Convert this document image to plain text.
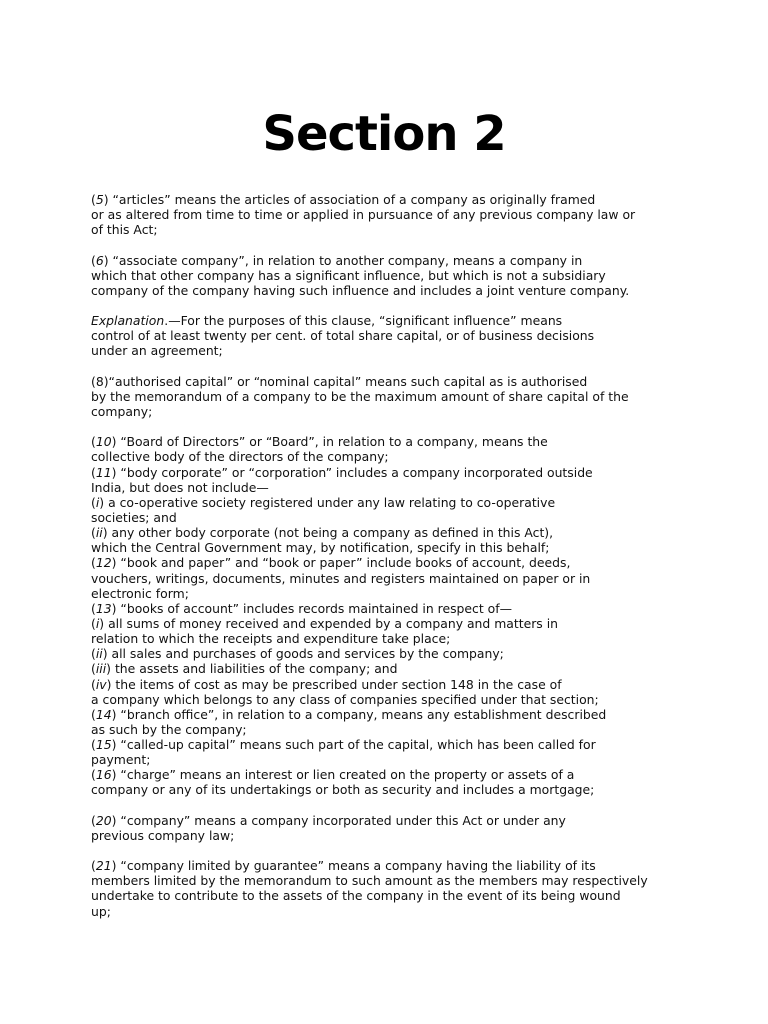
Section 2
(5) “articles” means the articles of association of a company as originally framed
or as altered from time to time or applied in pursuance of any previous company law or
of this Act;
(6) “associate company”, in relation to another company, means a company in
which that other company has a significant influence, but which is not a subsidiary
company of the company having such influence and includes a joint venture company.
Explanation.—For the purposes of this clause, “significant influence” means
control of at least twenty per cent. of total share capital, or of business decisions
under an agreement;
(8)“authorised capital” or “nominal capital” means such capital as is authorised
by the memorandum of a company to be the maximum amount of share capital of the
company;
(10) “Board of Directors” or “Board”, in relation to a company, means the
collective body of the directors of the company;
(11) “body corporate” or “corporation” includes a company incorporated outside
India, but does not include—
(i) a co-operative society registered under any law relating to co-operative
societies; and
(ii) any other body corporate (not being a company as defined in this Act),
which the Central Government may, by notification, specify in this behalf;
(12) “book and paper” and “book or paper” include books of account, deeds,
vouchers, writings, documents, minutes and registers maintained on paper or in
electronic form;
(13) “books of account” includes records maintained in respect of—
(i) all sums of money received and expended by a company and matters in
relation to which the receipts and expenditure take place;
(ii) all sales and purchases of goods and services by the company;
(iii) the assets and liabilities of the company; and
(iv) the items of cost as may be prescribed under section 148 in the case of
a company which belongs to any class of companies specified under that section;
(14) “branch office”, in relation to a company, means any establishment described
as such by the company;
(15) “called-up capital” means such part of the capital, which has been called for
payment;
(16) “charge” means an interest or lien created on the property or assets of a
company or any of its undertakings or both as security and includes a mortgage;
(20) “company” means a company incorporated under this Act or under any
previous company law;
(21) “company limited by guarantee” means a company having the liability of its
members limited by the memorandum to such amount as the members may respectively
undertake to contribute to the assets of the company in the event of its being wound
up;
